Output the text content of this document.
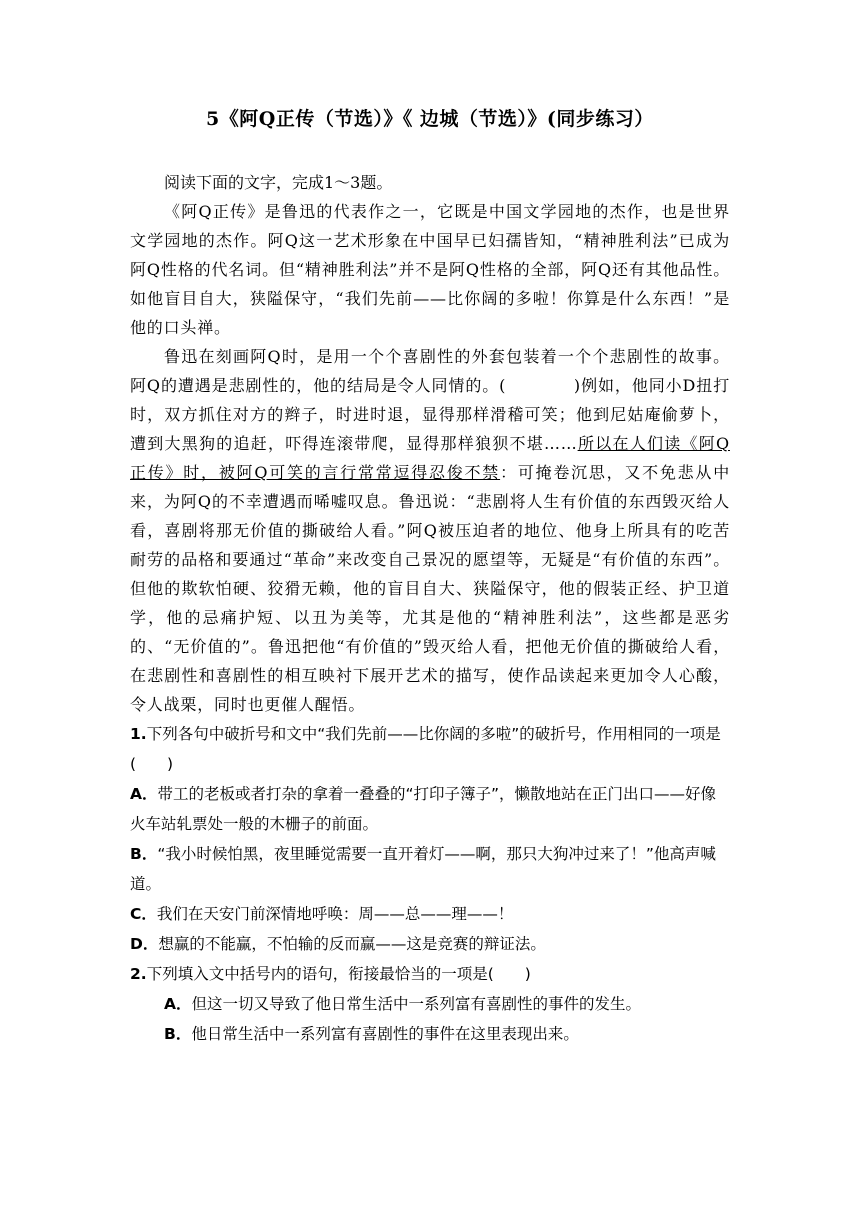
5《阿Q正传（节选）》《 边城（节选）》(同步练习）

阅读下面的文字，完成1～3题。

《阿Q正传》是鲁迅的代表作之一，它既是中国文学园地的杰作，也是世界文学园地的杰作。阿Q这一艺术形象在中国早已妇孺皆知，“精神胜利法”已成为阿Q性格的代名词。但“精神胜利法”并不是阿Q性格的全部，阿Q还有其他品性。如他盲目自大，狭隘保守，“我们先前——比你阔的多啦！你算是什么东西！”是他的口头禅。

鲁迅在刻画阿Q时，是用一个个喜剧性的外套包装着一个个悲剧性的故事。阿Q的遭遇是悲剧性的，他的结局是令人同情的。(　　　　)例如，他同小D扭打时，双方抓住对方的辫子，时进时退，显得那样滑稽可笑；他到尼姑庵偷萝卜，遭到大黑狗的追赶，吓得连滚带爬，显得那样狼狈不堪……所以在人们读《阿Q正传》时，被阿Q可笑的言行常常逗得忍俊不禁：可掩卷沉思，又不免悲从中来，为阿Q的不幸遭遇而唏嘘叹息。鲁迅说：“悲剧将人生有价值的东西毁灭给人看，喜剧将那无价值的撕破给人看。”阿Q被压迫者的地位、他身上所具有的吃苦耐劳的品格和要通过“革命”来改变自己景况的愿望等，无疑是“有价值的东西”。但他的欺软怕硬、狡猾无赖，他的盲目自大、狭隘保守，他的假装正经、护卫道学，他的忌痛护短、以丑为美等，尤其是他的“精神胜利法”，这些都是恶劣的、“无价值的”。鲁迅把他“有价值的”毁灭给人看，把他无价值的撕破给人看，在悲剧性和喜剧性的相互映衬下展开艺术的描写，使作品读起来更加令人心酸，令人战栗，同时也更催人醒悟。

1.下列各句中破折号和文中“我们先前——比你阔的多啦”的破折号，作用相同的一项是(　　)

A．带工的老板或者打杂的拿着一叠叠的“打印子簿子”，懒散地站在正门出口——好像火车站轧票处一般的木栅子的前面。

B．“我小时候怕黑，夜里睡觉需要一直开着灯——啊，那只大狗冲过来了！”他高声喊道。

C．我们在天安门前深情地呼唤：周——总——理——！

D．想赢的不能赢，不怕输的反而赢——这是竞赛的辩证法。

2.下列填入文中括号内的语句，衔接最恰当的一项是(　　)

A．但这一切又导致了他日常生活中一系列富有喜剧性的事件的发生。

B．他日常生活中一系列富有喜剧性的事件在这里表现出来。
